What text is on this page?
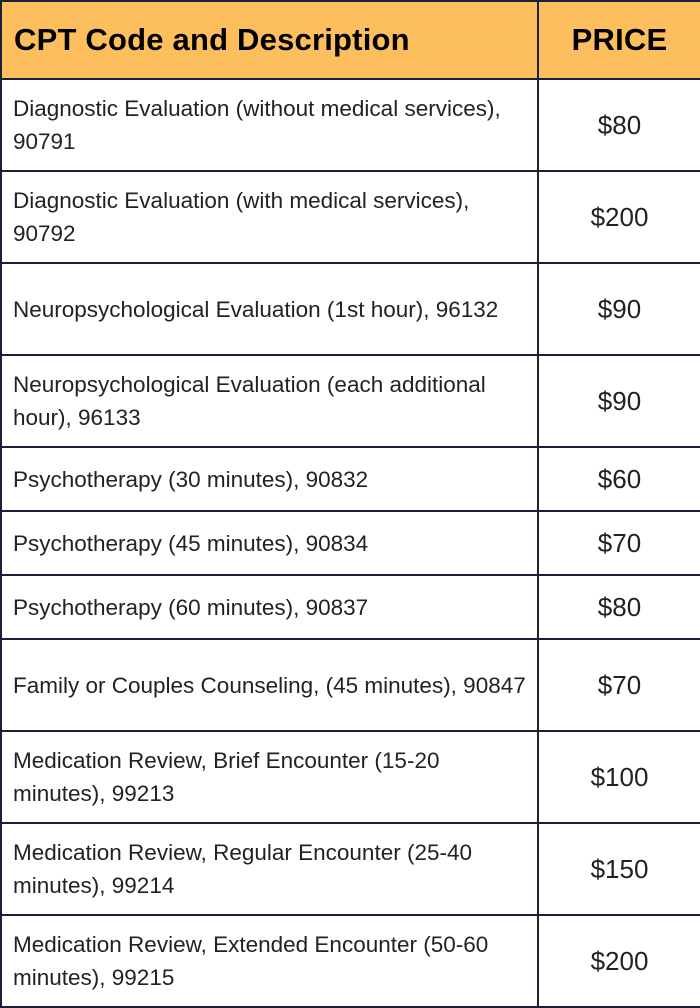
CPT Code and Description	PRICE
Diagnostic Evaluation (without medical services), 90791	$80
Diagnostic Evaluation (with medical services), 90792	$200
Neuropsychological Evaluation (1st hour), 96132	$90
Neuropsychological Evaluation (each additional hour), 96133	$90
Psychotherapy (30 minutes), 90832	$60
Psychotherapy (45 minutes), 90834	$70
Psychotherapy (60 minutes), 90837	$80
Family or Couples Counseling, (45 minutes), 90847	$70
Medication Review, Brief Encounter (15-20 minutes), 99213	$100
Medication Review, Regular Encounter (25-40 minutes), 99214	$150
Medication Review, Extended Encounter (50-60 minutes), 99215	$200
